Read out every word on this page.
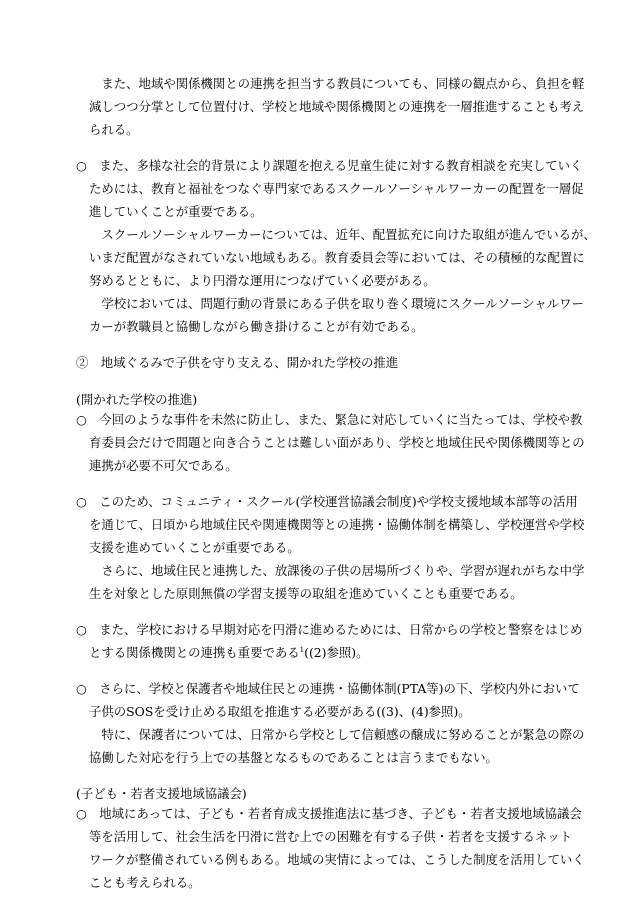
　また、地域や関係機関との連携を担当する教員についても、同様の観点から、負担を軽
減しつつ分掌として位置付け、学校と地域や関係機関との連携を一層推進することも考え
られる。
○　また、多様な社会的背景により課題を抱える児童生徒に対する教育相談を充実していく
ためには、教育と福祉をつなぐ専門家であるスクールソーシャルワーカーの配置を一層促
進していくことが重要である。
　スクールソーシャルワーカーについては、近年、配置拡充に向けた取組が進んでいるが、
いまだ配置がなされていない地域もある。教育委員会等においては、その積極的な配置に
努めるとともに、より円滑な運用につなげていく必要がある。
　学校においては、問題行動の背景にある子供を取り巻く環境にスクールソーシャルワー
カーが教職員と協働しながら働き掛けることが有効である。
②　地域ぐるみで子供を守り支える、開かれた学校の推進
(開かれた学校の推進)
○　今回のような事件を未然に防止し、また、緊急に対応していくに当たっては、学校や教
育委員会だけで問題と向き合うことは難しい面があり、学校と地域住民や関係機関等との
連携が必要不可欠である。
○　このため、コミュニティ・スクール(学校運営協議会制度)や学校支援地域本部等の活用
を通じて、日頃から地域住民や関連機関等との連携・協働体制を構築し、学校運営や学校
支援を進めていくことが重要である。
　さらに、地域住民と連携した、放課後の子供の居場所づくりや、学習が遅れがちな中学
生を対象とした原則無償の学習支援等の取組を進めていくことも重要である。
○　また、学校における早期対応を円滑に進めるためには、日常からの学校と警察をはじめ
とする関係機関との連携も重要である$^1$((2)参照)。
○　さらに、学校と保護者や地域住民との連携・協働体制(PTA等)の下、学校内外において
子供のSOSを受け止める取組を推進する必要がある((3)、(4)参照)。
　特に、保護者については、日常から学校として信頼感の醸成に努めることが緊急の際の
協働した対応を行う上での基盤となるものであることは言うまでもない。
(子ども・若者支援地域協議会)
○　地域にあっては、子ども・若者育成支援推進法に基づき、子ども・若者支援地域協議会
等を活用して、社会生活を円滑に営む上での困難を有する子供・若者を支援するネット
ワークが整備されている例もある。地域の実情によっては、こうした制度を活用していく
ことも考えられる。
